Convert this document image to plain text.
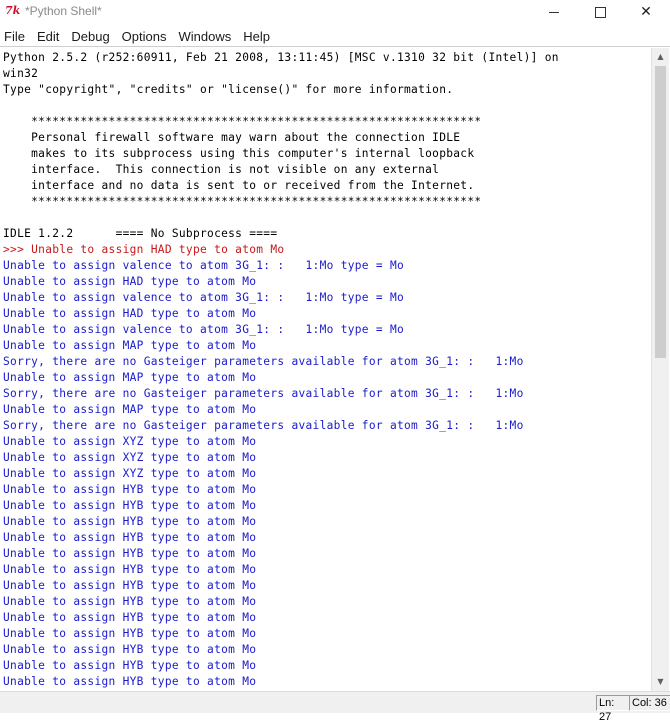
7k *Python Shell*	✕
File Edit Debug Options Windows Help
Python 2.5.2 (r252:60911, Feb 21 2008, 13:11:45) [MSC v.1310 32 bit (Intel)] on
win32
Type "copyright", "credits" or "license()" for more information.
****************************************************************
Personal firewall software may warn about the connection IDLE
makes to its subprocess using this computer's internal loopback
interface.  This connection is not visible on any external
interface and no data is sent to or received from the Internet.
****************************************************************
IDLE 1.2.2      ==== No Subprocess ====
>>> Unable to assign HAD type to atom Mo
Unable to assign valence to atom 3G_1: :   1:Mo type = Mo
Unable to assign HAD type to atom Mo
Unable to assign valence to atom 3G_1: :   1:Mo type = Mo
Unable to assign HAD type to atom Mo
Unable to assign valence to atom 3G_1: :   1:Mo type = Mo
Unable to assign MAP type to atom Mo
Sorry, there are no Gasteiger parameters available for atom 3G_1: :   1:Mo
Unable to assign MAP type to atom Mo
Sorry, there are no Gasteiger parameters available for atom 3G_1: :   1:Mo
Unable to assign MAP type to atom Mo
Sorry, there are no Gasteiger parameters available for atom 3G_1: :   1:Mo
Unable to assign XYZ type to atom Mo
Unable to assign XYZ type to atom Mo
Unable to assign XYZ type to atom Mo
Unable to assign HYB type to atom Mo
Unable to assign HYB type to atom Mo
Unable to assign HYB type to atom Mo
Unable to assign HYB type to atom Mo
Unable to assign HYB type to atom Mo
Unable to assign HYB type to atom Mo
Unable to assign HYB type to atom Mo
Unable to assign HYB type to atom Mo
Unable to assign HYB type to atom Mo
Unable to assign HYB type to atom Mo
Unable to assign HYB type to atom Mo
Unable to assign HYB type to atom Mo
Unable to assign HYB type to atom Mo
▲
▼
Ln: 27
Col: 36
